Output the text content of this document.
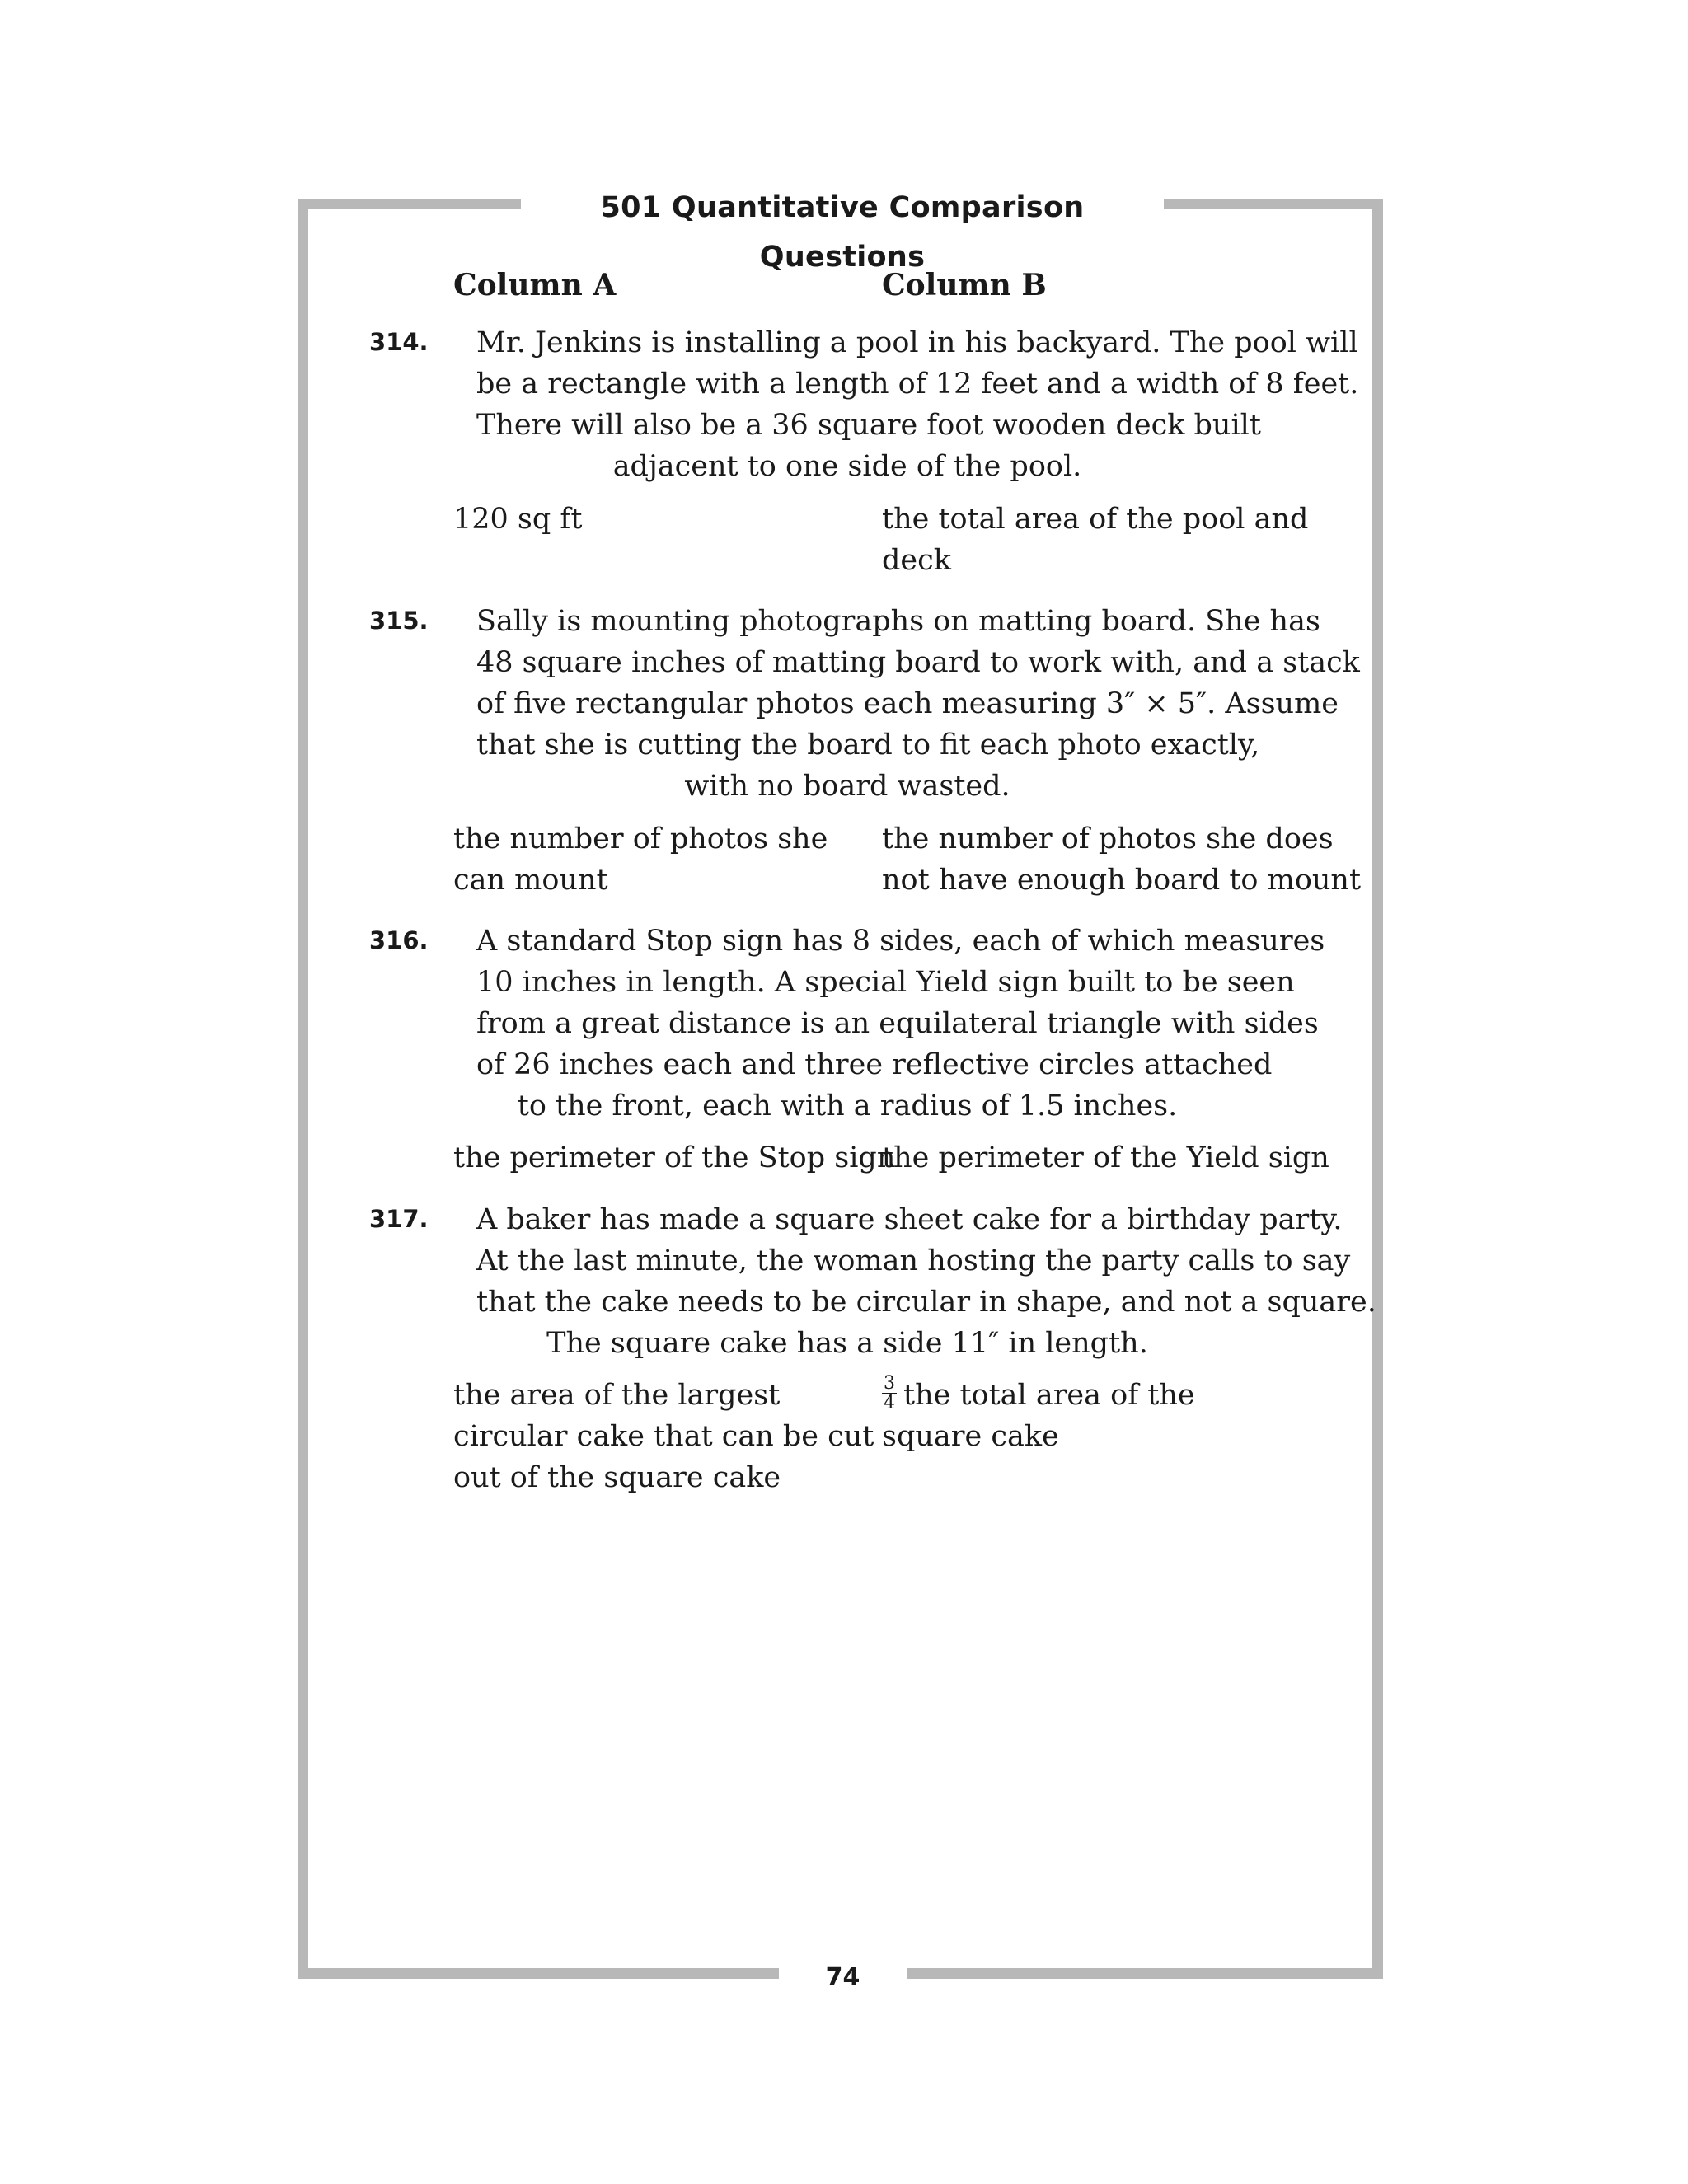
501 Quantitative Comparison Questions
Column A	Column B
314. Mr. Jenkins is installing a pool in his backyard. The pool will
be a rectangle with a length of 12 feet and a width of 8 feet.
There will also be a 36 square foot wooden deck built
adjacent to one side of the pool.
120 sq ft	the total area of the pool and
deck
315. Sally is mounting photographs on matting board. She has
48 square inches of matting board to work with, and a stack
of five rectangular photos each measuring 3″ × 5″. Assume
that she is cutting the board to fit each photo exactly,
with no board wasted.
the number of photos she
can mount
the number of photos she does
not have enough board to mount
316. A standard Stop sign has 8 sides, each of which measures
10 inches in length. A special Yield sign built to be seen
from a great distance is an equilateral triangle with sides
of 26 inches each and three reflective circles attached
to the front, each with a radius of 1.5 inches.
the perimeter of the Stop sign
the perimeter of the Yield sign
317. A baker has made a square sheet cake for a birthday party.
At the last minute, the woman hosting the party calls to say
that the cake needs to be circular in shape, and not a square.
The square cake has a side 11″ in length.
the area of the largest
circular cake that can be cut
out of the square cake
$\frac{3}{4}$ the total area of the
square cake
74
